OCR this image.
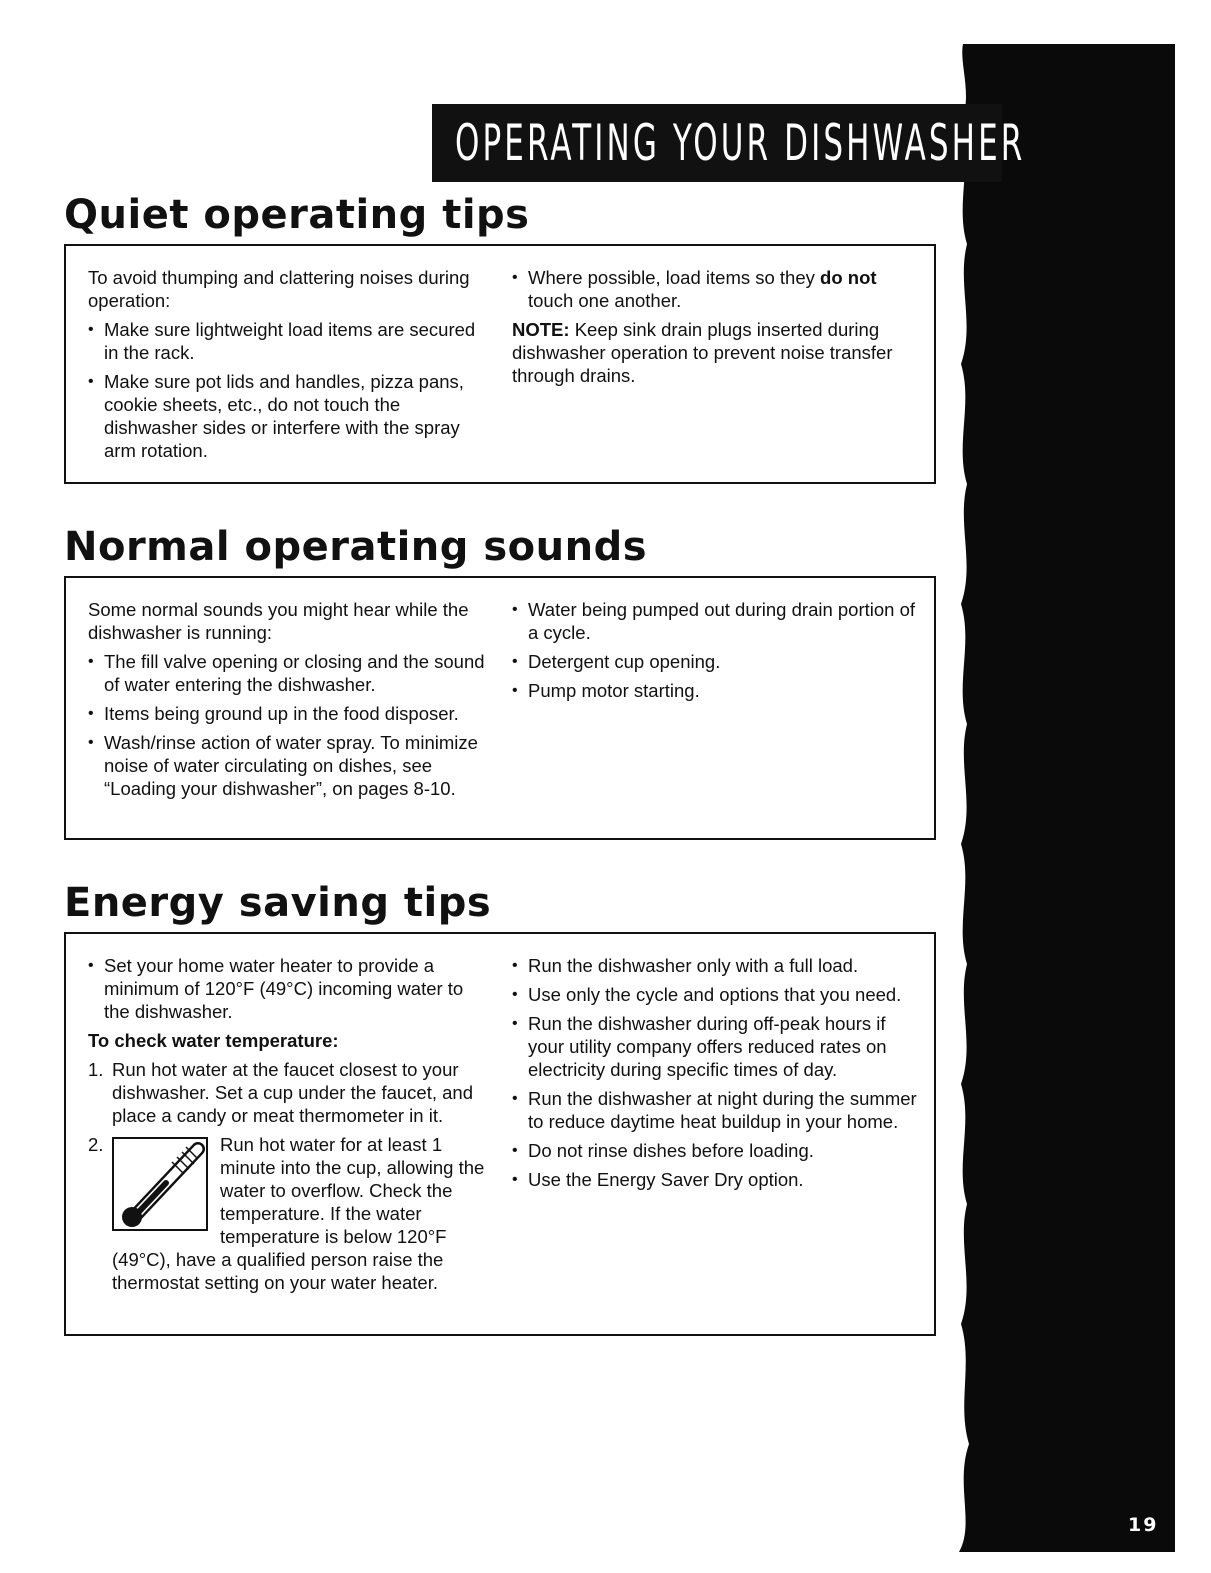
OPERATING YOUR DISHWASHER
Quiet operating tips

To avoid thumping and clattering noises during operation:

• Make sure lightweight load items are secured in the rack.
• Make sure pot lids and handles, pizza pans, cookie sheets, etc., do not touch the dishwasher sides or interfere with the spray arm rotation.
• Where possible, load items so they do not touch one another.

NOTE: Keep sink drain plugs inserted during dishwasher operation to prevent noise transfer through drains.

Normal operating sounds

Some normal sounds you might hear while the dishwasher is running:

• The fill valve opening or closing and the sound of water entering the dishwasher.
• Items being ground up in the food disposer.
• Wash/rinse action of water spray. To minimize noise of water circulating on dishes, see “Loading your dishwasher”, on pages 8-10.
• Water being pumped out during drain portion of a cycle.
• Detergent cup opening.
• Pump motor starting.
Energy saving tips
• Set your home water heater to provide a minimum of 120°F (49°C) incoming water to the dishwasher.
To check water temperature:
1. Run hot water at the faucet closest to your dishwasher. Set a cup under the faucet, and place a candy or meat thermometer in it.
2.	Run hot water for at least 1 minute into the cup, allowing the water to overflow. Check the temperature. If the water temperature is below 120°F (49°C), have a qualified person raise the thermostat setting on your water heater.
• Run the dishwasher only with a full load.
• Use only the cycle and options that you need.
• Run the dishwasher during off-peak hours if your utility company offers reduced rates on electricity during specific times of day.
• Run the dishwasher at night during the summer to reduce daytime heat buildup in your home.
• Do not rinse dishes before loading.
• Use the Energy Saver Dry option.
19
